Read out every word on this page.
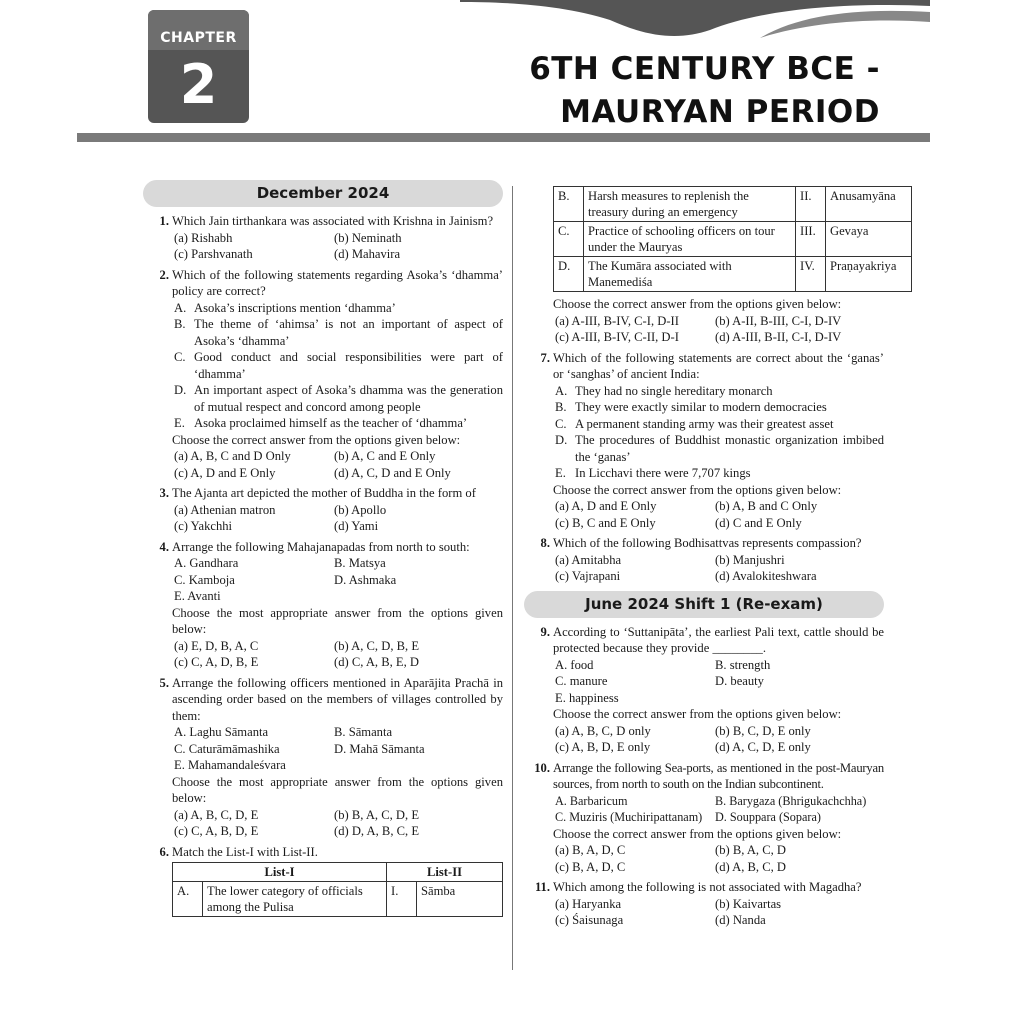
CHAPTER
2	6TH CENTURY BCE -
MAURYAN PERIOD
December 2024
1. Which Jain tirthankara was associated with Krishna in Jainism?
(a) Rishabh	(b) Neminath
(c) Parshvanath	(d) Mahavira
2. Which of the following statements regarding Asoka’s ‘dhamma’ policy are correct?
A. Asoka’s inscriptions mention ‘dhamma’
B. The theme of ‘ahimsa’ is not an important of aspect of Asoka’s ‘dhamma’
C. Good conduct and social responsibilities were part of ‘dhamma’
D. An important aspect of Asoka’s dhamma was the generation of mutual respect and concord among people
E. Asoka proclaimed himself as the teacher of ‘dhamma’
Choose the correct answer from the options given below:
(a) A, B, C and D Only	(b) A, C and E Only
(c) A, D and E Only	(d) A, C, D and E Only
3. The Ajanta art depicted the mother of Buddha in the form of
(a) Athenian matron	(b) Apollo
(c) Yakchhi	(d) Yami
4. Arrange the following Mahajanapadas from north to south:
A. Gandhara	B. Matsya
C. Kamboja	D. Ashmaka
E. Avanti
Choose the most appropriate answer from the options given below:
(a) E, D, B, A, C	(b) A, C, D, B, E
(c) C, A, D, B, E	(d) C, A, B, E, D
5. Arrange the following officers mentioned in Aparājita Prachā in ascending order based on the members of villages controlled by them:
A. Laghu Sāmanta	B. Sāmanta
C. Caturāmāmashika	D. Mahā Sāmanta
E. Mahamandaleśvara
Choose the most appropriate answer from the options given below:
(a) A, B, C, D, E	(b) B, A, C, D, E
(c) C, A, B, D, E	(d) D, A, B, C, E
6. Match the List-I with List-II.
List-I		List-II	
A.	The lower category of officials among the Pulisa	I.	Sāmba
B.	Harsh measures to replenish the treasury during an emergency	II.	Anusamyāna
C.	Practice of schooling officers on tour under the Mauryas	III.	Gevaya
D.	The Kumāra associated with Manemediśa	IV.	Praṇayakriya
Choose the correct answer from the options given below:
(a) A-III, B-IV, C-I, D-II	(b) A-II, B-III, C-I, D-IV
(c) A-III, B-IV, C-II, D-I	(d) A-III, B-II, C-I, D-IV
7. Which of the following statements are correct about the ‘ganas’ or ‘sanghas’ of ancient India:
A. They had no single hereditary monarch
B. They were exactly similar to modern democracies
C. A permanent standing army was their greatest asset
D. The procedures of Buddhist monastic organization imbibed the ‘ganas’
E. In Licchavi there were 7,707 kings
Choose the correct answer from the options given below:
(a) A, D and E Only	(b) A, B and C Only
(c) B, C and E Only	(d) C and E Only
8. Which of the following Bodhisattvas represents compassion?
(a) Amitabha	(b) Manjushri
(c) Vajrapani	(d) Avalokiteshwara
June 2024 Shift 1 (Re-exam)
9. According to ‘Suttanipāta’, the earliest Pali text, cattle should be protected because they provide ________.
A. food	B. strength
C. manure	D. beauty
E. happiness
Choose the correct answer from the options given below:
(a) A, B, C, D only	(b) B, C, D, E only
(c) A, B, D, E only	(d) A, C, D, E only
10. Arrange the following Sea-ports, as mentioned in the post-Mauryan sources, from north to south on the Indian subcontinent.
A. Barbaricum	B. Barygaza (Bhrigukachchha)
C. Muziris (Muchiripattanam)	D. Souppara (Sopara)
Choose the correct answer from the options given below:
(a) B, A, D, C	(b) B, A, C, D
(c) B, A, D, C	(d) A, B, C, D
11. Which among the following is not associated with Magadha?
(a) Haryanka	(b) Kaivartas
(c) Śaisunaga	(d) Nanda
